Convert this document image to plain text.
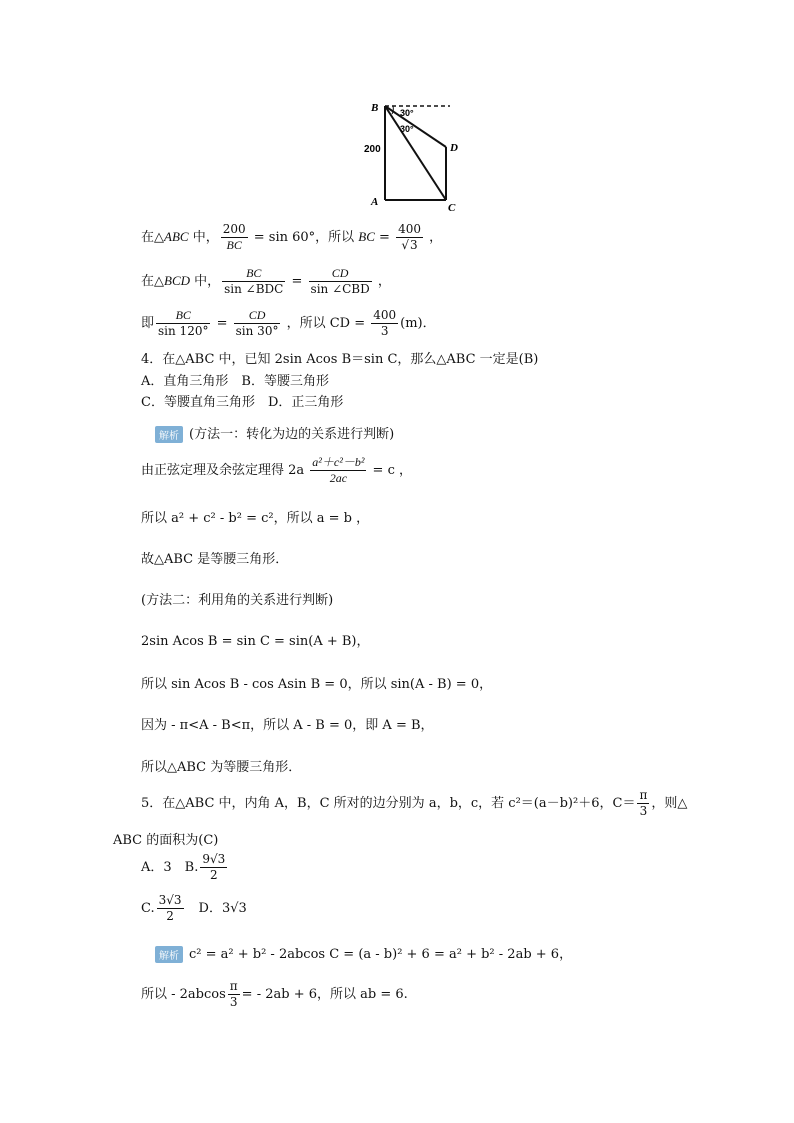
B
A	C
D
30°
30°
200
在△ABC 中， $\frac{200}{BC} = \sin 60^\circ$，所以 BC = $\frac{400}{√3}$ ，
在△BCD 中， $\frac{BC}{\text{sin ∠BDC}} = \frac{CD}{\text{sin ∠CBD}}$ ，
即 $\frac{BC}{\sin 120^\circ} = \frac{CD}{\sin 30^\circ}$ ，所以 CD = $\frac{400}{3} (m)$．
4．在△ABC 中，已知 2sin Acos B＝sin C，那么△ABC 一定是(B)
A．直角三角形　B．等腰三角形
C．等腰直角三角形　D．正三角形
解析 (方法一：转化为边的关系进行判断)
由正弦定理及余弦定理得 $2a \frac{\text{a²＋c²－b²}}{2ac} = c$ ，
所以 a² + c² - b² = c²，所以 a = b ，
故△ABC 是等腰三角形．
(方法二：利用角的关系进行判断)
2sin Acos B = sin C = sin(A + B)，
所以 sin Acos B - cos Asin B = 0，所以 sin(A - B) = 0，
因为 - π<A - B<π，所以 A - B = 0，即 A = B，
所以△ABC 为等腰三角形．
5．在△ABC 中，内角 A，B，C 所对的边分别为 a，b，c，若 c²＝(a－b)²＋6，$C= \frac{\pi}{3}$ ，则△
ABC 的面积为(C)
A．3　B. $\frac{9√3}{2}$
C. $\frac{3√3}{2}$ 　D．3√3
解析 c² = a² + b² - 2abcos C = (a - b)² + 6 = a² + b² - 2ab + 6，
所以 - $2abcos \frac{\pi}{3}$ = - 2ab + 6，所以 ab = 6.
